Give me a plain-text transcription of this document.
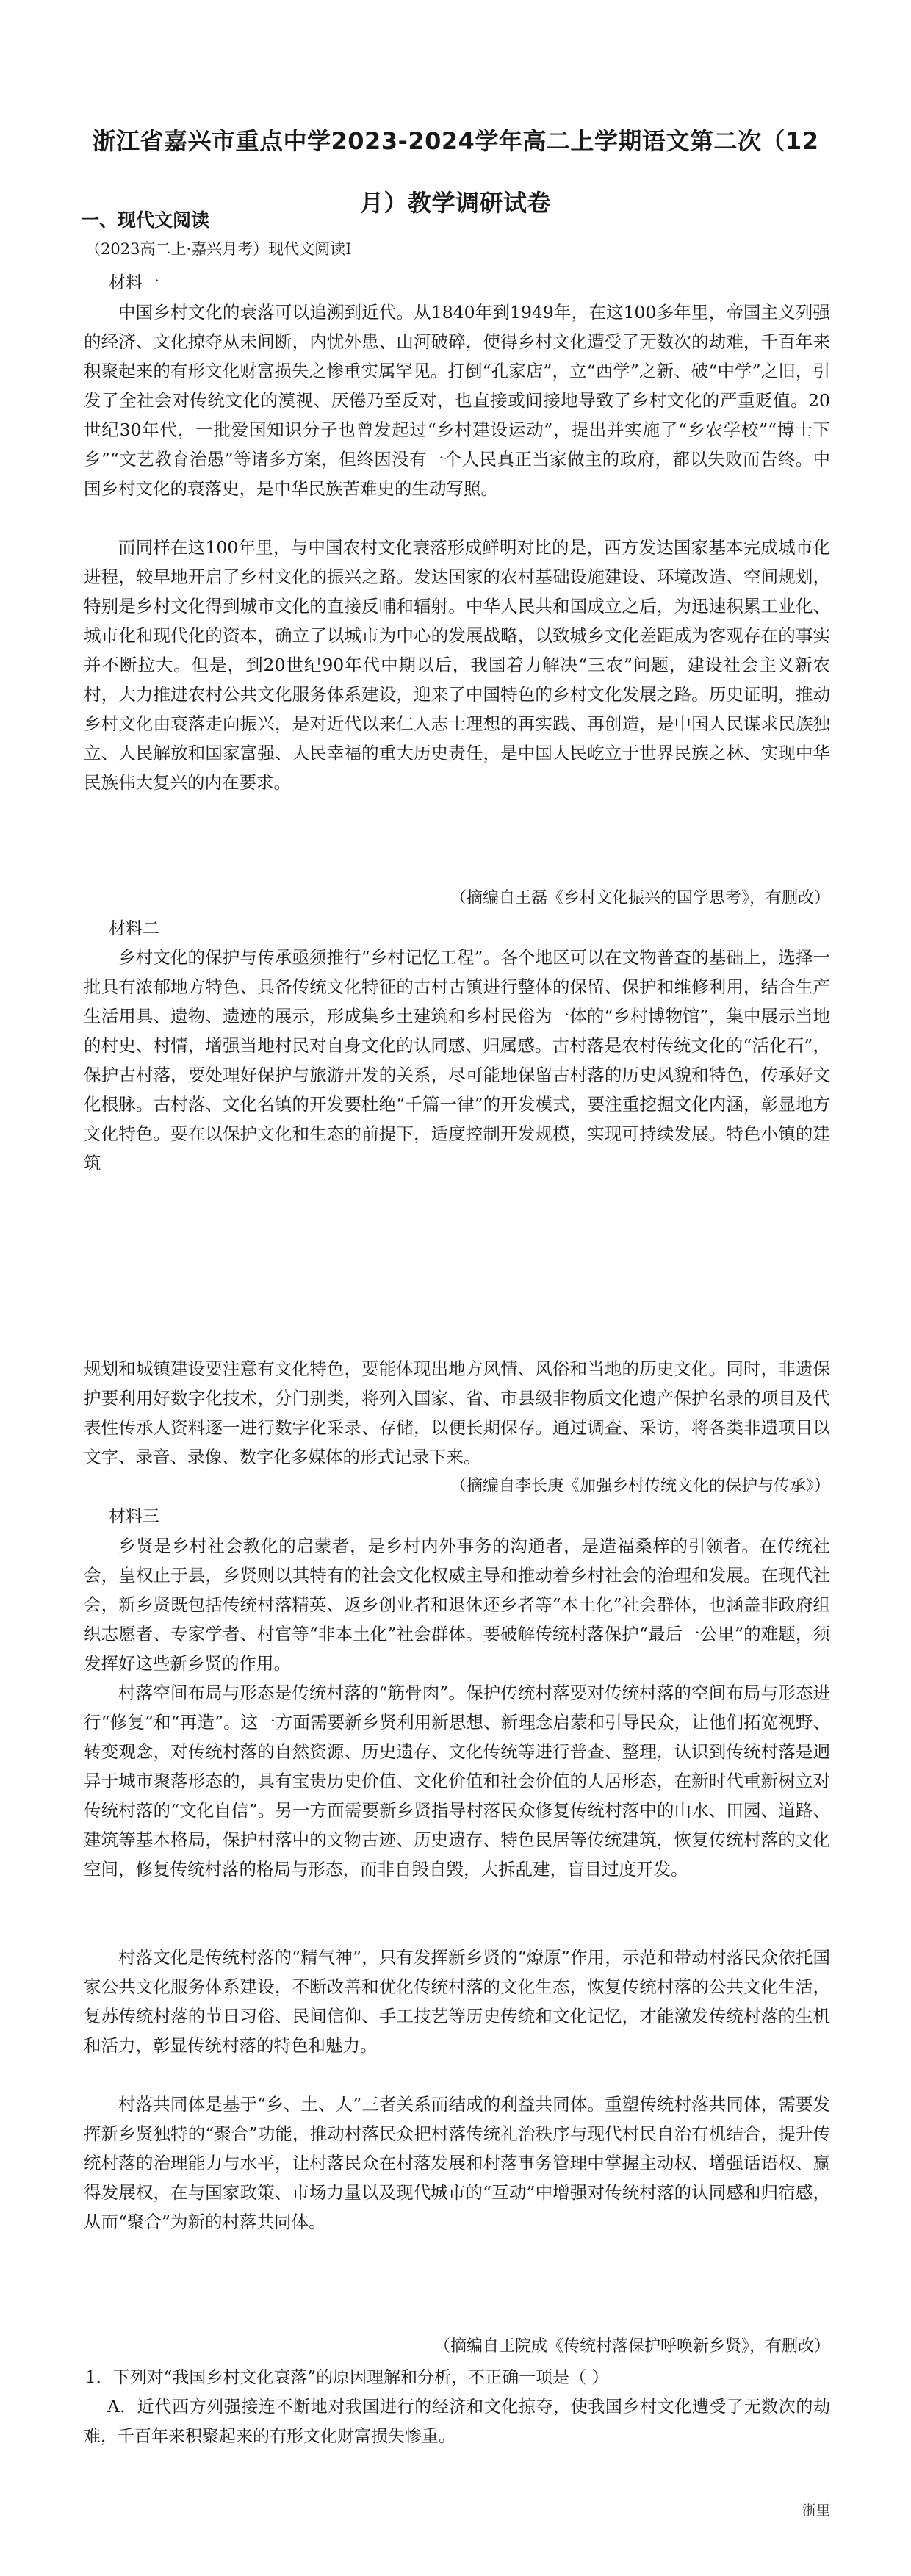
浙江省嘉兴市重点中学2023-2024学年高二上学期语文第二次（12月）教学调研试卷
一、现代文阅读
（2023高二上·嘉兴月考）现代文阅读Ⅰ
材料一

中国乡村文化的衰落可以追溯到近代。从1840年到1949年，在这100多年里，帝国主义列强的经济、文化掠夺从未间断，内忧外患、山河破碎，使得乡村文化遭受了无数次的劫难，千百年来积聚起来的有形文化财富损失之惨重实属罕见。打倒“孔家店”，立“西学”之新、破“中学”之旧，引发了全社会对传统文化的漠视、厌倦乃至反对，也直接或间接地导致了乡村文化的严重贬值。20世纪30年代，一批爱国知识分子也曾发起过“乡村建设运动”，提出并实施了“乡农学校”“博士下乡”“文艺教育治愚”等诸多方案，但终因没有一个人民真正当家做主的政府，都以失败而告终。中国乡村文化的衰落史，是中华民族苦难史的生动写照。

而同样在这100年里，与中国农村文化衰落形成鲜明对比的是，西方发达国家基本完成城市化进程，较早地开启了乡村文化的振兴之路。发达国家的农村基础设施建设、环境改造、空间规划，特别是乡村文化得到城市文化的直接反哺和辐射。中华人民共和国成立之后，为迅速积累工业化、城市化和现代化的资本，确立了以城市为中心的发展战略，以致城乡文化差距成为客观存在的事实并不断拉大。但是，到20世纪90年代中期以后，我国着力解决“三农”问题，建设社会主义新农村，大力推进农村公共文化服务体系建设，迎来了中国特色的乡村文化发展之路。历史证明，推动乡村文化由衰落走向振兴，是对近代以来仁人志士理想的再实践、再创造，是中国人民谋求民族独立、人民解放和国家富强、人民幸福的重大历史责任，是中国人民屹立于世界民族之林、实现中华民族伟大复兴的内在要求。

（摘编自王磊《乡村文化振兴的国学思考》，有删改）
材料二

乡村文化的保护与传承亟须推行“乡村记忆工程”。各个地区可以在文物普查的基础上，选择一批具有浓郁地方特色、具备传统文化特征的古村古镇进行整体的保留、保护和维修利用，结合生产生活用具、遗物、遗迹的展示，形成集乡土建筑和乡村民俗为一体的“乡村博物馆”，集中展示当地的村史、村情，增强当地村民对自身文化的认同感、归属感。古村落是农村传统文化的“活化石”，保护古村落，要处理好保护与旅游开发的关系，尽可能地保留古村落的历史风貌和特色，传承好文化根脉。古村落、文化名镇的开发要杜绝“千篇一律”的开发模式，要注重挖掘文化内涵，彰显地方文化特色。要在以保护文化和生态的前提下，适度控制开发规模，实现可持续发展。特色小镇的建筑

规划和城镇建设要注意有文化特色，要能体现出地方风情、风俗和当地的历史文化。同时，非遗保护要利用好数字化技术，分门别类，将列入国家、省、市县级非物质文化遗产保护名录的项目及代表性传承人资料逐一进行数字化采录、存储，以便长期保存。通过调查、采访，将各类非遗项目以文字、录音、录像、数字化多媒体的形式记录下来。

（摘编自李长庚《加强乡村传统文化的保护与传承》）
材料三

乡贤是乡村社会教化的启蒙者，是乡村内外事务的沟通者，是造福桑梓的引领者。在传统社会，皇权止于县，乡贤则以其特有的社会文化权威主导和推动着乡村社会的治理和发展。在现代社会，新乡贤既包括传统村落精英、返乡创业者和退休还乡者等“本土化”社会群体，也涵盖非政府组织志愿者、专家学者、村官等“非本土化”社会群体。要破解传统村落保护“最后一公里”的难题，须发挥好这些新乡贤的作用。

村落空间布局与形态是传统村落的“筋骨肉”。保护传统村落要对传统村落的空间布局与形态进行“修复”和“再造”。这一方面需要新乡贤利用新思想、新理念启蒙和引导民众，让他们拓宽视野、转变观念，对传统村落的自然资源、历史遗存、文化传统等进行普查、整理，认识到传统村落是迥异于城市聚落形态的，具有宝贵历史价值、文化价值和社会价值的人居形态，在新时代重新树立对传统村落的“文化自信”。另一方面需要新乡贤指导村落民众修复传统村落中的山水、田园、道路、建筑等基本格局，保护村落中的文物古迹、历史遗存、特色民居等传统建筑，恢复传统村落的文化空间，修复传统村落的格局与形态，而非自毁自毁，大拆乱建，盲目过度开发。

村落文化是传统村落的“精气神”，只有发挥新乡贤的“燎原”作用，示范和带动村落民众依托国家公共文化服务体系建设，不断改善和优化传统村落的文化生态，恢复传统村落的公共文化生活，复苏传统村落的节日习俗、民间信仰、手工技艺等历史传统和文化记忆，才能激发传统村落的生机和活力，彰显传统村落的特色和魅力。

村落共同体是基于“乡、土、人”三者关系而结成的利益共同体。重塑传统村落共同体，需要发挥新乡贤独特的“聚合”功能，推动村落民众把村落传统礼治秩序与现代村民自治有机结合，提升传统村落的治理能力与水平，让村落民众在村落发展和村落事务管理中掌握主动权、增强话语权、赢得发展权，在与国家政策、市场力量以及现代城市的“互动”中增强对传统村落的认同感和归宿感，从而“聚合”为新的村落共同体。

（摘编自王院成《传统村落保护呼唤新乡贤》，有删改）
1．下列对“我国乡村文化衰落”的原因理解和分析，不正确一项是（ ）

A．近代西方列强接连不断地对我国进行的经济和文化掠夺，使我国乡村文化遭受了无数次的劫难，千百年来积聚起来的有形文化财富损失惨重。

浙里
